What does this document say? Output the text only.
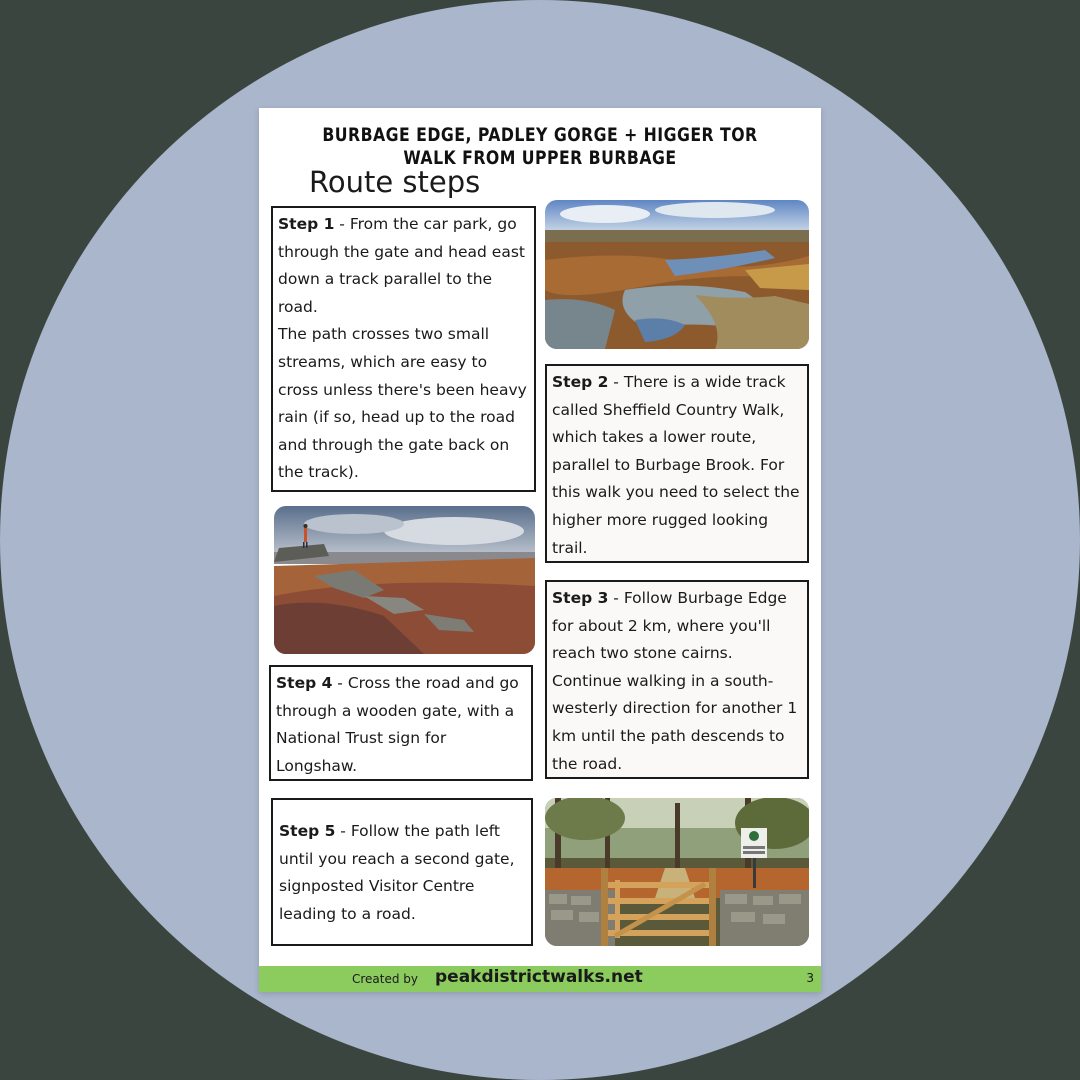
BURBAGE EDGE, PADLEY GORGE + HIGGER TOR WALK FROM UPPER BURBAGE
Route steps
Step 1 - From the car park, go through the gate and head east down a track parallel to the road.
The path crosses two small streams, which are easy to cross unless there's been heavy rain (if so, head up to the road and through the gate back on the track).
Step 2 - There is a wide track called Sheffield Country Walk, which takes a lower route, parallel to Burbage Brook. For this walk you need to select the higher more rugged looking trail.
Step 3 - Follow Burbage Edge for about 2 km, where you'll reach two stone cairns. Continue walking in a south-westerly direction for another 1 km until the path descends to the road.
Step 4 - Cross the road and go through a wooden gate, with a National Trust sign for Longshaw.
Step 5 - Follow the path left until you reach a second gate, signposted Visitor Centre leading to a road.
Created by peakdistrictwalks.net	3
